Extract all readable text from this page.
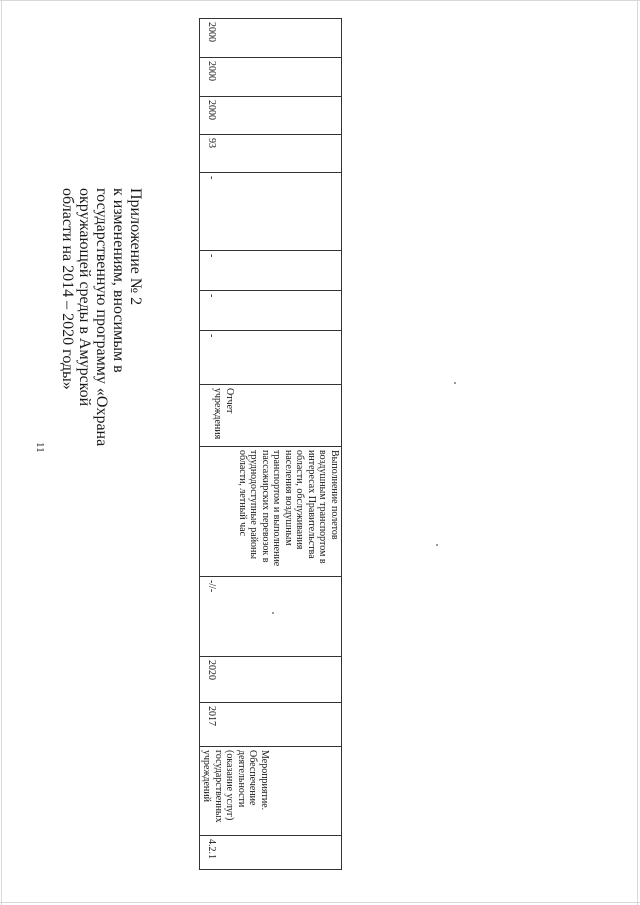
11
Приложение № 2
к изменениям, вносимым в
государственную программу «Охрана
окружающей среды в Амурской
области на 2014 – 2020 годы»
2000
2000
2000
93
-
-
-
-
Отчет учреждения
Выполнение полетов воздушным транспортом в интересах Правительства области, обслуживания населения воздушным транспортом и выполнение пассажирских перевозок в труднодоступные районы области, летный час
-//-
2020
2017
Мероприятие. Обеспечение деятельности (оказание услуг) государственных учреждений
4.2.1
